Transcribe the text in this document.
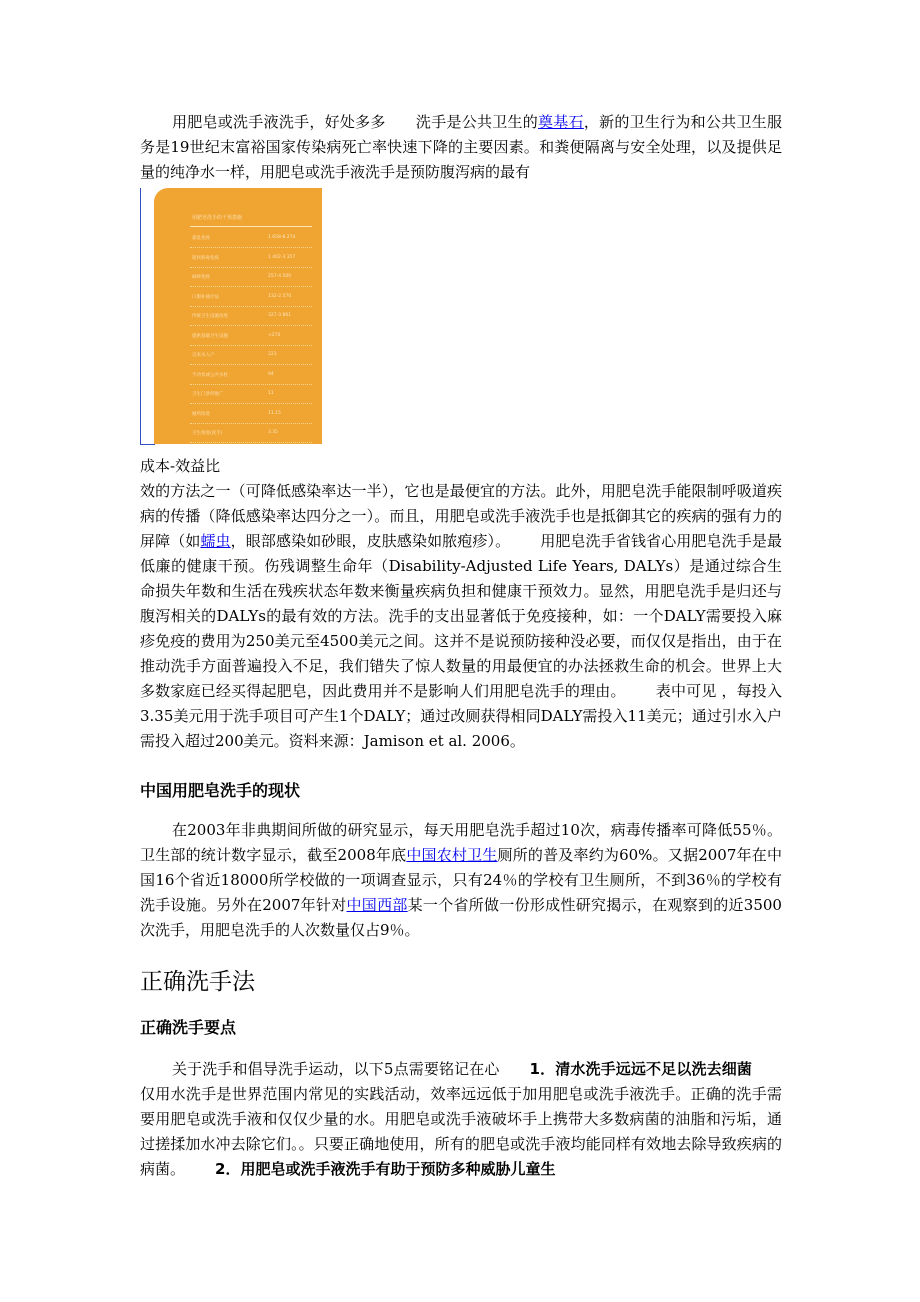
用肥皂或洗手液洗手，好处多多 洗手是公共卫生的奠基石，新的卫生行为和公共卫生服务是19世纪末富裕国家传染病死亡率快速下降的主要因素。和粪便隔离与安全处理，以及提供足量的纯净水一样，用肥皂或洗手液洗手是预防腹泻病的最有

用肥皂洗手的干预措施
霍乱免疫	1 658-8 274
轮状病毒免疫	1 402-3 357
麻疹免疫	257-4 500
口服补液疗法	132-2 570
传统卫生设施改进	327-3 861
提供基础卫生设施	<270
自来水入户	223
手动泵或公共水柱	94
卫生门诊所推广	11
厕所改进	11.15
卫生推进(洗手)	3.35

成本-效益比

效的方法之一（可降低感染率达一半），它也是最便宜的方法。此外，用肥皂洗手能限制呼吸道疾病的传播（降低感染率达四分之一）。而且，用肥皂或洗手液洗手也是抵御其它的疾病的强有力的屏障（如蠕虫，眼部感染如砂眼，皮肤感染如脓疱疹）。 用肥皂洗手省钱省心用肥皂洗手是最低廉的健康干预。伤残调整生命年（Disability-Adjusted Life Years, DALYs）是通过综合生命损失年数和生活在残疾状态年数来衡量疾病负担和健康干预效力。显然，用肥皂洗手是归还与腹泻相关的DALYs的最有效的方法。洗手的支出显著低于免疫接种，如：一个DALY需要投入麻疹免疫的费用为250美元至4500美元之间。这并不是说预防接种没必要，而仅仅是指出，由于在推动洗手方面普遍投入不足，我们错失了惊人数量的用最便宜的办法拯救生命的机会。世界上大多数家庭已经买得起肥皂，因此费用并不是影响人们用肥皂洗手的理由。 表中可见 ，每投入3.35美元用于洗手项目可产生1个DALY；通过改厕获得相同DALY需投入11美元；通过引水入户需投入超过200美元。资料来源：Jamison et al. 2006。

中国用肥皂洗手的现状

在2003年非典期间所做的研究显示，每天用肥皂洗手超过10次，病毒传播率可降低55％。卫生部的统计数字显示，截至2008年底中国农村卫生厕所的普及率约为60%。又据2007年在中国16个省近18000所学校做的一项调查显示，只有24％的学校有卫生厕所，不到36％的学校有洗手设施。另外在2007年针对中国西部某一个省所做一份形成性研究揭示，在观察到的近3500次洗手，用肥皂洗手的人次数量仅占9％。

正确洗手法
正确洗手要点

关于洗手和倡导洗手运动，以下5点需要铭记在心 1．清水洗手远远不足以洗去细菌仅用水洗手是世界范围内常见的实践活动，效率远远低于加用肥皂或洗手液洗手。正确的洗手需要用肥皂或洗手液和仅仅少量的水。用肥皂或洗手液破坏手上携带大多数病菌的油脂和污垢，通过搓揉加水冲去除它们。。只要正确地使用，所有的肥皂或洗手液均能同样有效地去除导致疾病的病菌。 2．用肥皂或洗手液洗手有助于预防多种威胁儿童生
